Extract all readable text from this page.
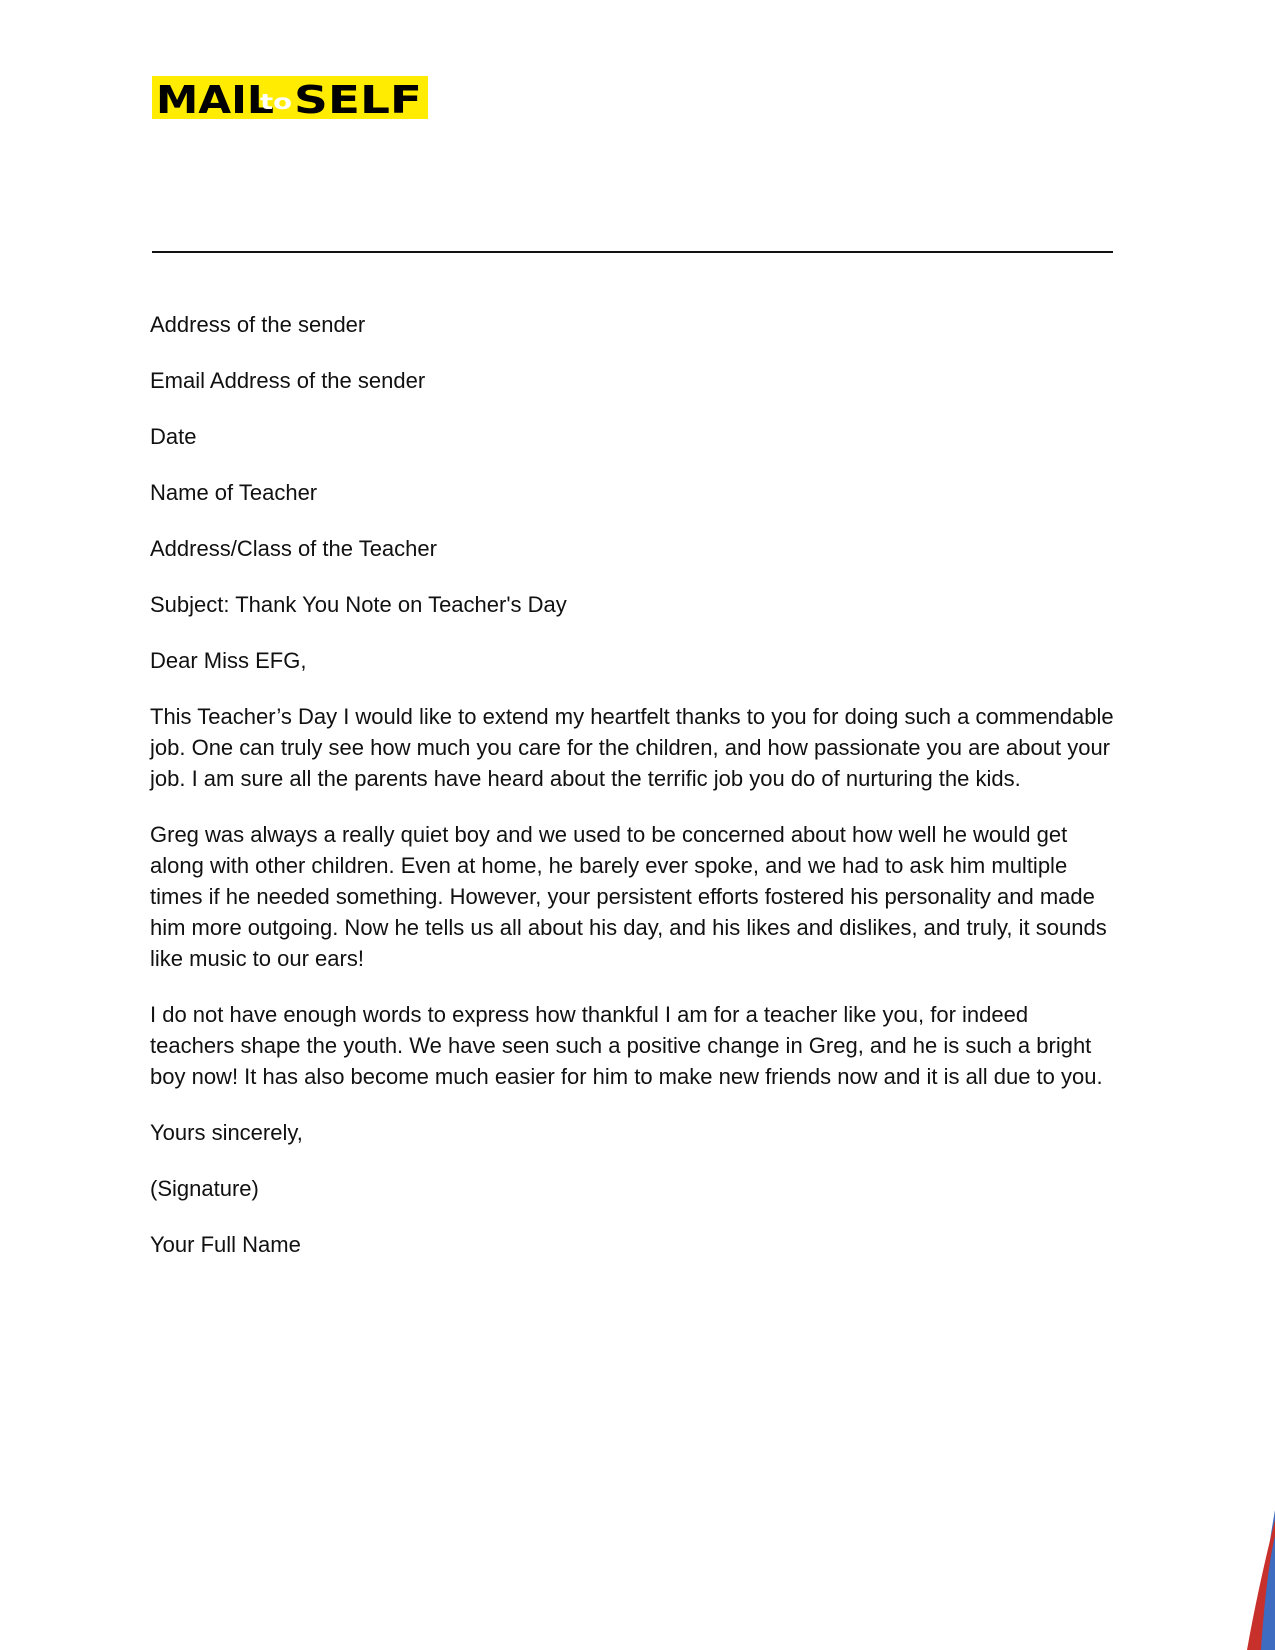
MAIL
to SELF

Address of the sender

Email Address of the sender

Date

Name of Teacher

Address/Class of the Teacher

Subject: Thank You Note on Teacher's Day

Dear Miss EFG,

This Teacher’s Day I would like to extend my heartfelt thanks to you for doing such a commendable job. One can truly see how much you care for the children, and how passionate you are about your job. I am sure all the parents have heard about the terrific job you do of nurturing the kids.

Greg was always a really quiet boy and we used to be concerned about how well he would get along with other children. Even at home, he barely ever spoke, and we had to ask him multiple times if he needed something. However, your persistent efforts fostered his personality and made him more outgoing. Now he tells us all about his day, and his likes and dislikes, and truly, it sounds like music to our ears!

I do not have enough words to express how thankful I am for a teacher like you, for indeed teachers shape the youth. We have seen such a positive change in Greg, and he is such a bright boy now! It has also become much easier for him to make new friends now and it is all due to you.

Yours sincerely,

(Signature)

Your Full Name
